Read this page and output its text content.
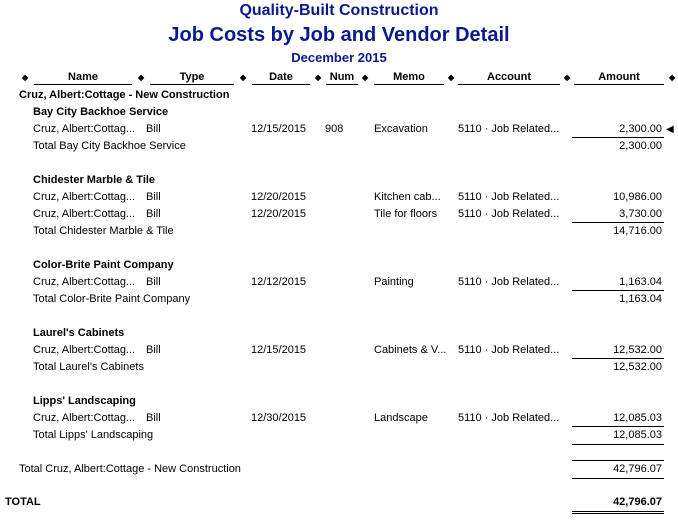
Quality-Built Construction
Job Costs by Job and Vendor Detail
December 2015
◆	Name	◆	Type	◆	Date	◆ Num ◆	Memo	◆	Account	◆	Amount	◆
Cruz, Albert:Cottage - New Construction
Bay City Backhoe Service
Cruz, Albert:Cottag... Bill	12/15/2015 908	Excavation	5110 · Job Related...	2,300.00 ◀
Total Bay City Backhoe Service	2,300.00
Chidester Marble & Tile
Cruz, Albert:Cottag... Bill	12/20/2015	Kitchen cab... 5110 · Job Related...	10,986.00
Cruz, Albert:Cottag... Bill	12/20/2015	Tile for floors 5110 · Job Related...	3,730.00
Total Chidester Marble & Tile	14,716.00
Color-Brite Paint Company
Cruz, Albert:Cottag... Bill	12/12/2015	Painting	5110 · Job Related...	1,163.04
Total Color-Brite Paint Company	1,163.04
Laurel's Cabinets
Cruz, Albert:Cottag... Bill	12/15/2015	Cabinets & V... 5110 · Job Related...	12,532.00
Total Laurel's Cabinets	12,532.00
Lipps' Landscaping
Cruz, Albert:Cottag... Bill	12/30/2015	Landscape	5110 · Job Related...	12,085.03
Total Lipps' Landscaping	12,085.03
Total Cruz, Albert:Cottage - New Construction	42,796.07
TOTAL	42,796.07
